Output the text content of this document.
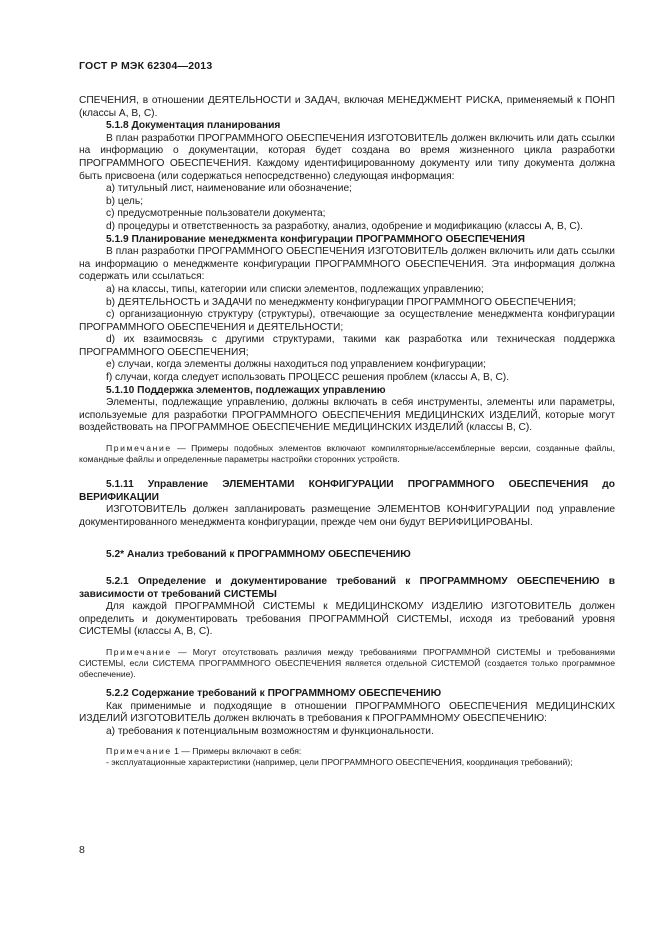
ГОСТ Р МЭК 62304—2013

СПЕЧЕНИЯ, в отношении ДЕЯТЕЛЬНОСТИ и ЗАДАЧ, включая МЕНЕДЖМЕНТ РИСКА, применяемый к ПОНП (классы A, B, C).

5.1.8 Документация планирования

В план разработки ПРОГРАММНОГО ОБЕСПЕЧЕНИЯ ИЗГОТОВИТЕЛЬ должен включить или дать ссылки на информацию о документации, которая будет создана во время жизненного цикла разработки ПРОГРАММНОГО ОБЕСПЕЧЕНИЯ. Каждому идентифицированному документу или типу документа должна быть присвоена (или содержаться непосредственно) следующая информация:

a) титульный лист, наименование или обозначение;

b) цель;

c) предусмотренные пользователи документа;

d) процедуры и ответственность за разработку, анализ, одобрение и модификацию (классы A, B, C).

5.1.9 Планирование менеджмента конфигурации ПРОГРАММНОГО ОБЕСПЕЧЕНИЯ

В план разработки ПРОГРАММНОГО ОБЕСПЕЧЕНИЯ ИЗГОТОВИТЕЛЬ должен включить или дать ссылки на информацию о менеджменте конфигурации ПРОГРАММНОГО ОБЕСПЕЧЕНИЯ. Эта информация должна содержать или ссылаться:

a) на классы, типы, категории или списки элементов, подлежащих управлению;

b) ДЕЯТЕЛЬНОСТЬ и ЗАДАЧИ по менеджменту конфигурации ПРОГРАММНОГО ОБЕСПЕЧЕНИЯ;

c) организационную структуру (структуры), отвечающие за осуществление менеджмента конфигурации ПРОГРАММНОГО ОБЕСПЕЧЕНИЯ и ДЕЯТЕЛЬНОСТИ;

d) их взаимосвязь с другими структурами, такими как разработка или техническая поддержка ПРОГРАММНОГО ОБЕСПЕЧЕНИЯ;

e) случаи, когда элементы должны находиться под управлением конфигурации;

f) случаи, когда следует использовать ПРОЦЕСС решения проблем (классы A, B, C).

5.1.10 Поддержка элементов, подлежащих управлению

Элементы, подлежащие управлению, должны включать в себя инструменты, элементы или параметры, используемые для разработки ПРОГРАММНОГО ОБЕСПЕЧЕНИЯ МЕДИЦИНСКИХ ИЗДЕЛИЙ, которые могут воздействовать на ПРОГРАММНОЕ ОБЕСПЕЧЕНИЕ МЕДИЦИНСКИХ ИЗДЕЛИЙ (классы B, C).

Примечание — Примеры подобных элементов включают компиляторные/ассемблерные версии, созданные файлы, командные файлы и определенные параметры настройки сторонних устройств.

5.1.11 Управление ЭЛЕМЕНТАМИ КОНФИГУРАЦИИ ПРОГРАММНОГО ОБЕСПЕЧЕНИЯ до ВЕРИФИКАЦИИ

ИЗГОТОВИТЕЛЬ должен запланировать размещение ЭЛЕМЕНТОВ КОНФИГУРАЦИИ под управление документированного менеджмента конфигурации, прежде чем они будут ВЕРИФИЦИРОВАНЫ.

5.2* Анализ требований к ПРОГРАММНОМУ ОБЕСПЕЧЕНИЮ

5.2.1 Определение и документирование требований к ПРОГРАММНОМУ ОБЕСПЕЧЕНИЮ в зависимости от требований СИСТЕМЫ

Для каждой ПРОГРАММНОЙ СИСТЕМЫ к МЕДИЦИНСКОМУ ИЗДЕЛИЮ ИЗГОТОВИТЕЛЬ должен определить и документировать требования ПРОГРАММНОЙ СИСТЕМЫ, исходя из требований уровня СИСТЕМЫ (классы A, B, C).

Примечание — Могут отсутствовать различия между требованиями ПРОГРАММНОЙ СИСТЕМЫ и требованиями СИСТЕМЫ, если СИСТЕМА ПРОГРАММНОГО ОБЕСПЕЧЕНИЯ является отдельной СИСТЕМОЙ (создается только программное обеспечение).

5.2.2 Содержание требований к ПРОГРАММНОМУ ОБЕСПЕЧЕНИЮ

Как применимые и подходящие в отношении ПРОГРАММНОГО ОБЕСПЕЧЕНИЯ МЕДИЦИНСКИХ ИЗДЕЛИЙ ИЗГОТОВИТЕЛЬ должен включать в требования к ПРОГРАММНОМУ ОБЕСПЕЧЕНИЮ:

a) требования к потенциальным возможностям и функциональности.

Примечание 1 — Примеры включают в себя:

- эксплуатационные характеристики (например, цели ПРОГРАММНОГО ОБЕСПЕЧЕНИЯ, координация требований);

8
